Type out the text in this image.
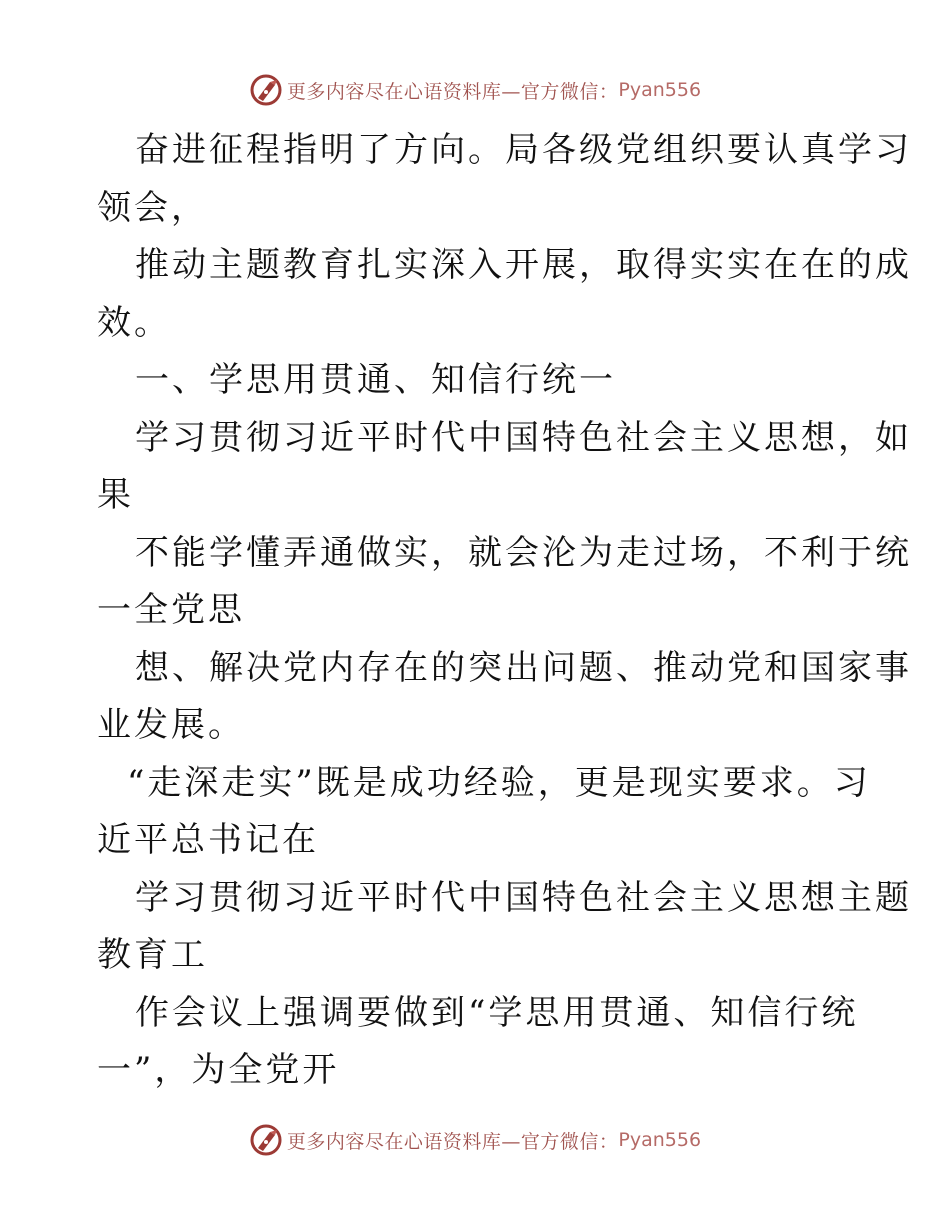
更多内容尽在心语资料库—官方微信： Pyan556
奋进征程指明了方向。局各级党组织要认真学习
领会，
推动主题教育扎实深入开展，取得实实在在的成
效。
一、学思用贯通、知信行统一
学习贯彻习近平时代中国特色社会主义思想，如
果
不能学懂弄通做实，就会沦为走过场，不利于统
一全党思
想、解决党内存在的突出问题、推动党和国家事
业发展。
“走深走实”既是成功经验，更是现实要求。习
近平总书记在
学习贯彻习近平时代中国特色社会主义思想主题
教育工
作会议上强调要做到“学思用贯通、知信行统
一”，为全党开
更多内容尽在心语资料库—官方微信： Pyan556
